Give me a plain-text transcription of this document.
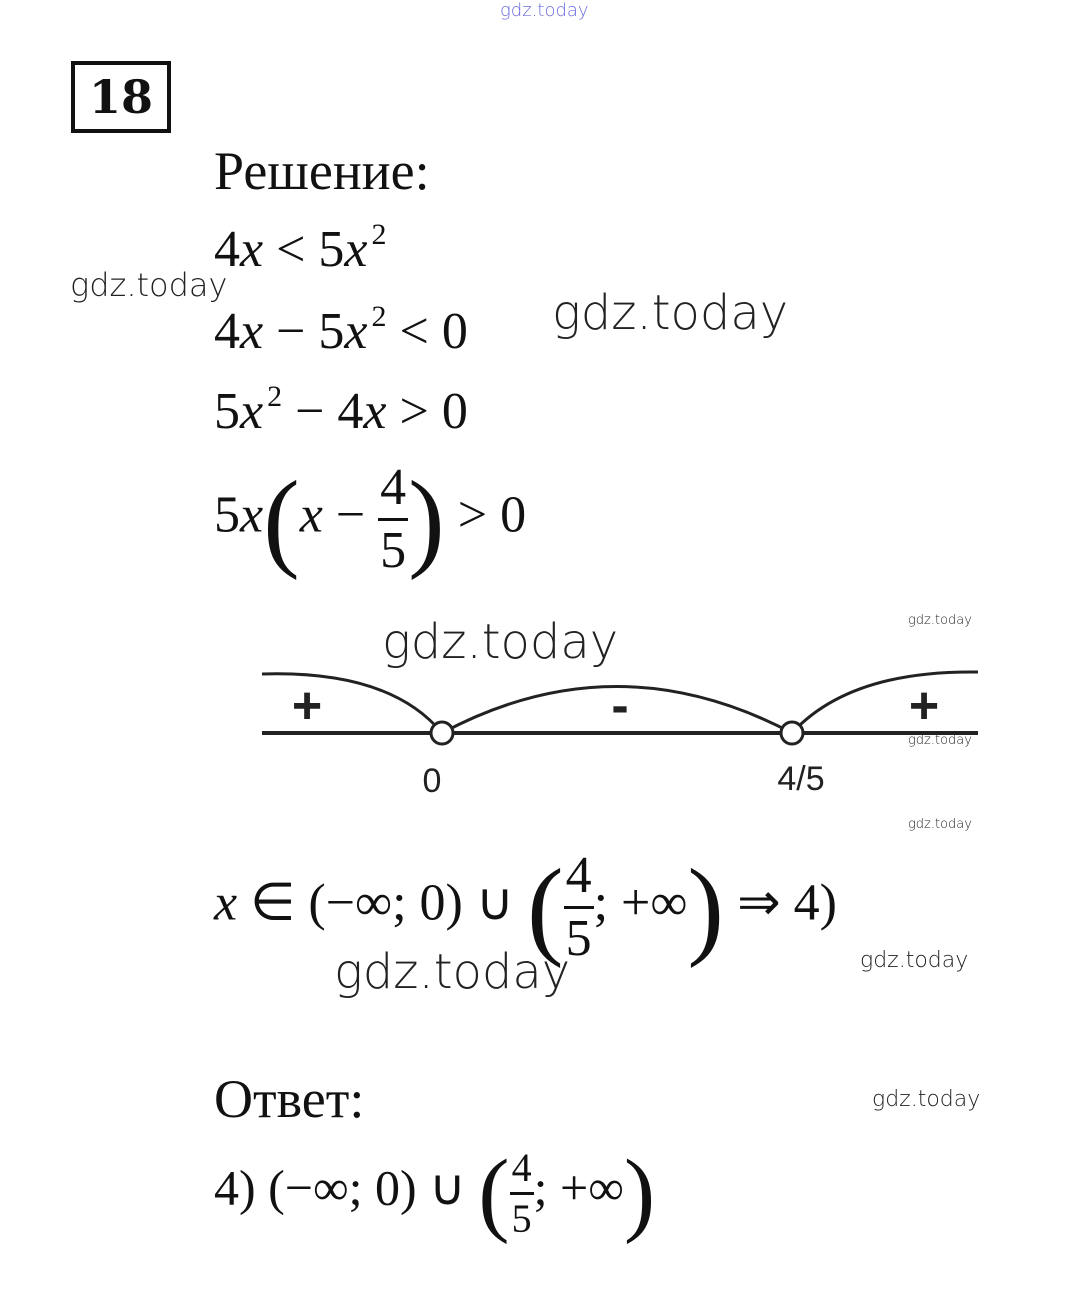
gdz.today
gdz.today	gdz.today
gdz.today
gdz.today
gdz.today
gdz.today
gdz.today
gdz.today
gdz.today
18
Решение:
4x < 5x $^2$
4x − 5x $^2$ < 0
5x $^2$ − 4x > 0
$5x(x - \frac{4}{5}$ ) > 0
+	-	+
0	4/5
x ∈ (−∞; 0) ∪ ( $\frac{4}{5}$ ; +∞) ⇒ 4)
Ответ:
4) (−∞; 0) ∪ ( $\frac{4}{5}$ ; +∞)
